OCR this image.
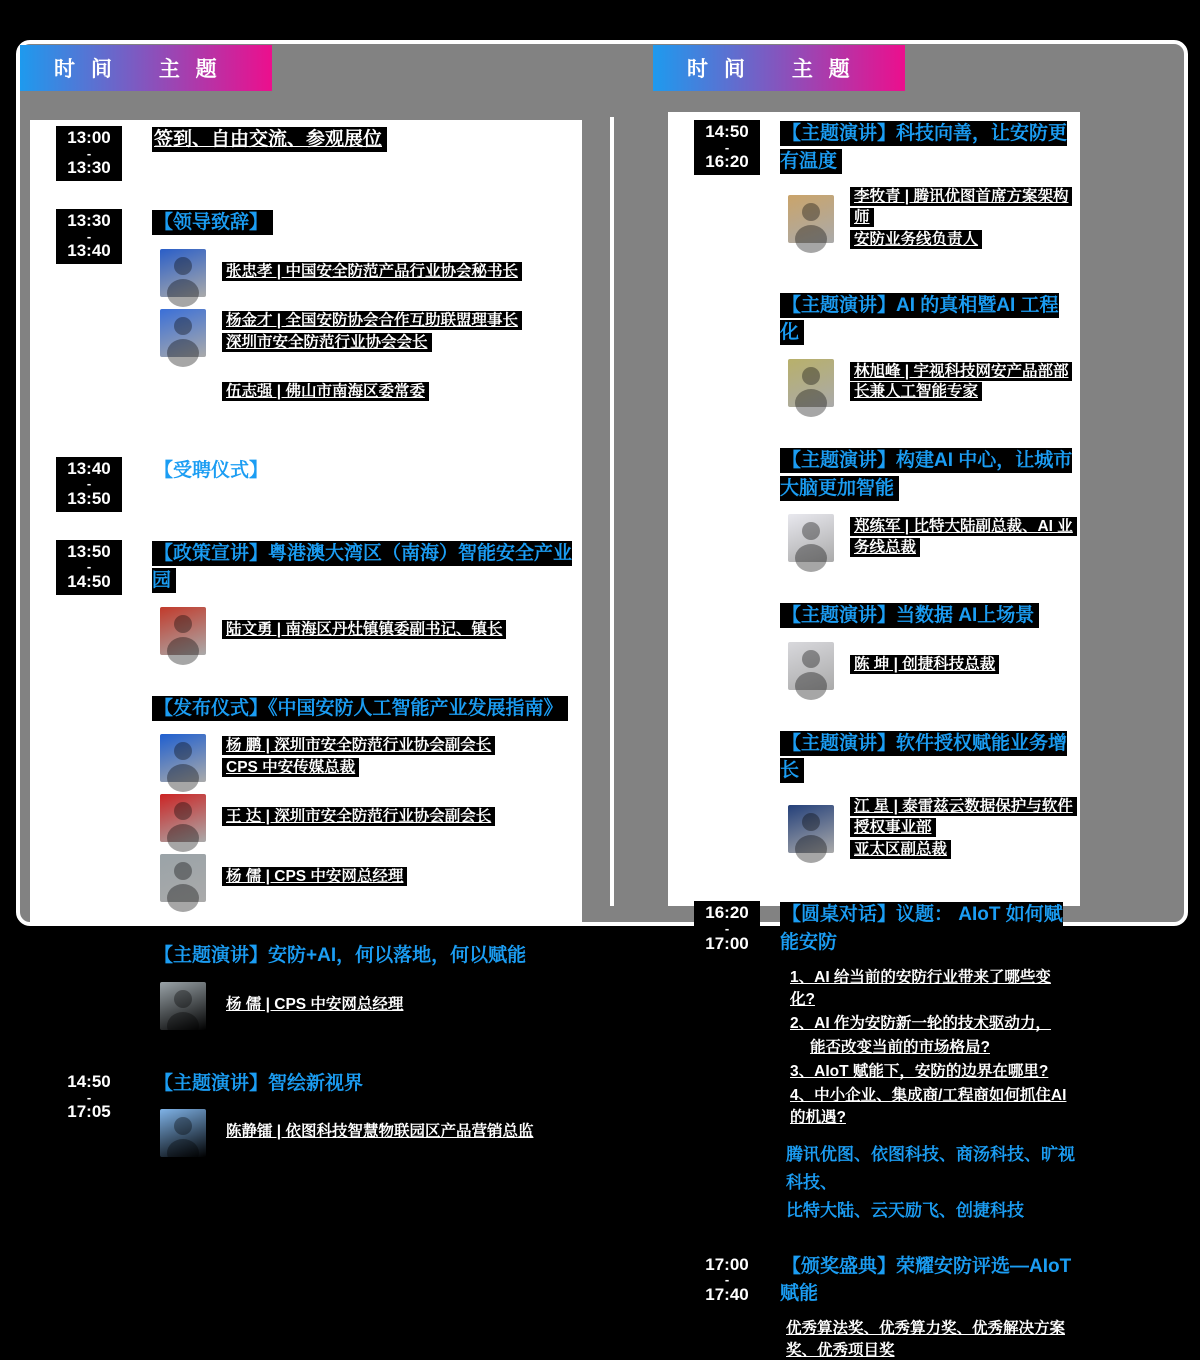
时 间 主 题	时 间 主 题
13:00
-
13:30
签到、自由交流、参观展位
13:30
-
13:40
【领导致辞】
张忠孝 | 中国安全防范产品行业协会秘书长
杨金才 | 全国安防协会合作互助联盟理事长
深圳市安全防范行业协会会长
伍志强 | 佛山市南海区委常委
13:40
-
13:50
【受聘仪式】
13:50
-
14:50
【政策宣讲】粤港澳大湾区（南海）智能安全产业园
陆文勇 | 南海区丹灶镇镇委副书记、镇长
【发布仪式】《中国安防人工智能产业发展指南》
杨 鹏 | 深圳市安全防范行业协会副会长
CPS 中安传媒总裁
王 达 | 深圳市安全防范行业协会副会长
杨 儒 | CPS 中安网总经理
【主题演讲】安防+AI，何以落地，何以赋能
杨 儒 | CPS 中安网总经理
14:50
-
17:05
【主题演讲】智绘新视界
陈静镭 | 依图科技智慧物联园区产品营销总监
14:50
-
16:20
【主题演讲】科技向善，让安防更有温度
李牧青 | 腾讯优图首席方案架构师
安防业务线负责人
【主题演讲】AI 的真相暨AI 工程化
林旭峰 | 宇视科技网安产品部部长兼人工智能专家
【主题演讲】构建AI 中心，让城市大脑更加智能
郑练军 | 比特大陆副总裁、AI 业务线总裁
【主题演讲】当数据 AI上场景
陈 坤 | 创捷科技总裁
【主题演讲】软件授权赋能业务增长
江 星 | 泰雷兹云数据保护与软件授权事业部
亚太区副总裁
16:20
-
17:00
【圆桌对话】议题： AIoT 如何赋能安防
1、AI 给当前的安防行业带来了哪些变化?
2、AI 作为安防新一轮的技术驱动力，
能否改变当前的市场格局?
3、AIoT 赋能下，安防的边界在哪里?
4、中小企业、集成商/工程商如何抓住AI 的机遇?
腾讯优图、依图科技、商汤科技、旷视科技、
比特大陆、云天励飞、创捷科技
17:00
-
17:40
【颁奖盛典】荣耀安防评选—AIoT 赋能
优秀算法奖、优秀算力奖、优秀解决方案奖、优秀项目奖
